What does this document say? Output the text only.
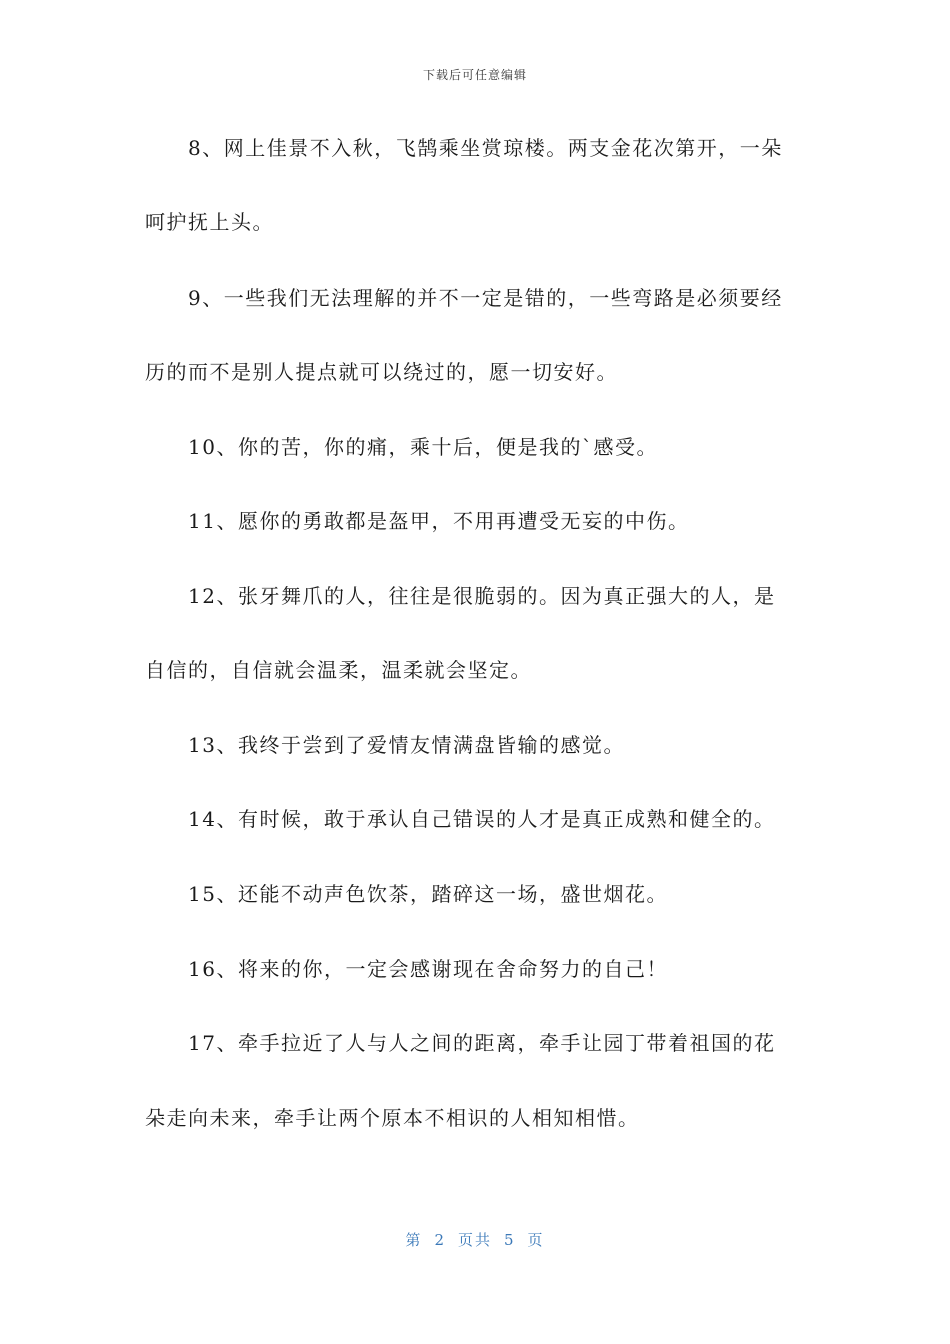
下载后可任意编辑
8、网上佳景不入秋，飞鹄乘坐赏琼楼。两支金花次第开，一朵
呵护抚上头。
9、一些我们无法理解的并不一定是错的，一些弯路是必须要经
历的而不是别人提点就可以绕过的，愿一切安好。
10、你的苦，你的痛，乘十后，便是我的`感受。
11、愿你的勇敢都是盔甲，不用再遭受无妄的中伤。
12、张牙舞爪的人，往往是很脆弱的。因为真正强大的人，是
自信的，自信就会温柔，温柔就会坚定。
13、我终于尝到了爱情友情满盘皆输的感觉。
14、有时候，敢于承认自己错误的人才是真正成熟和健全的。
15、还能不动声色饮茶，踏碎这一场，盛世烟花。
16、将来的你，一定会感谢现在舍命努力的自己！
17、牵手拉近了人与人之间的距离，牵手让园丁带着祖国的花
朵走向未来，牵手让两个原本不相识的人相知相惜。
第 2 页共 5 页
